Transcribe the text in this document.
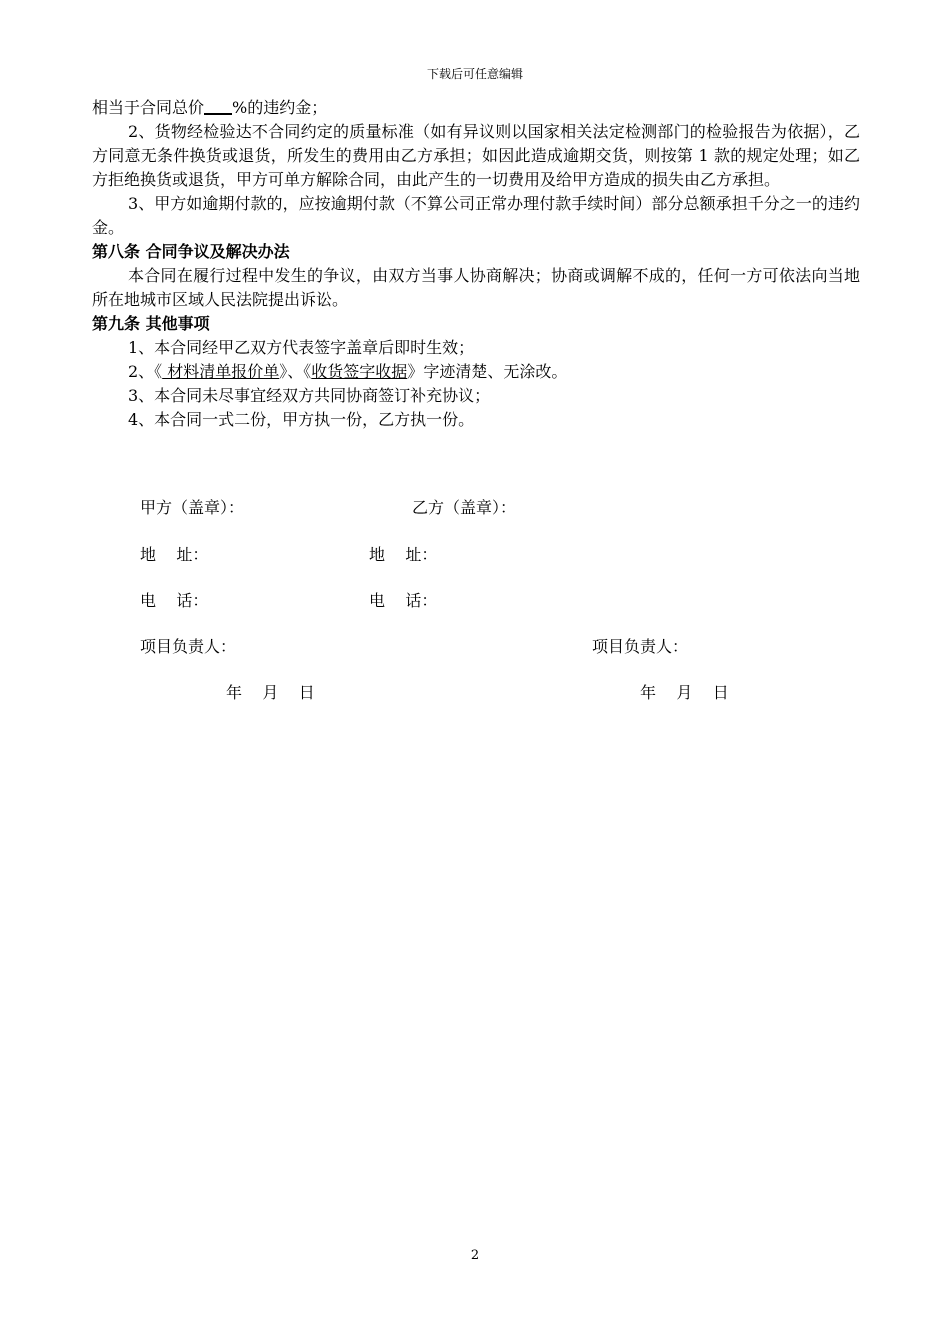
下载后可任意编辑

相当于合同总价 %的违约金；

2、货物经检验达不合同约定的质量标准（如有异议则以国家相关法定检测部门的检验报告为依据），乙方同意无条件换货或退货，所发生的费用由乙方承担；如因此造成逾期交货，则按第 1 款的规定处理；如乙方拒绝换货或退货，甲方可单方解除合同，由此产生的一切费用及给甲方造成的损失由乙方承担。

3、甲方如逾期付款的，应按逾期付款（不算公司正常办理付款手续时间）部分总额承担千分之一的违约金。

第八条 合同争议及解决办法

本合同在履行过程中发生的争议，由双方当事人协商解决；协商或调解不成的，任何一方可依法向当地所在地城市区域人民法院提出诉讼。

第九条 其他事项

1、本合同经甲乙双方代表签字盖章后即时生效；

2、《 材料清单报价单》、《收货签字收据》字迹清楚、无涂改。

3、本合同未尽事宜经双方共同协商签订补充协议；

4、本合同一式二份，甲方执一份，乙方执一份。

甲方（盖章）：	乙方（盖章）：
地    址：	地    址：
电    话：	电    话：
项目负责人：	项目负责人：
年    月    日	年    月    日
2
